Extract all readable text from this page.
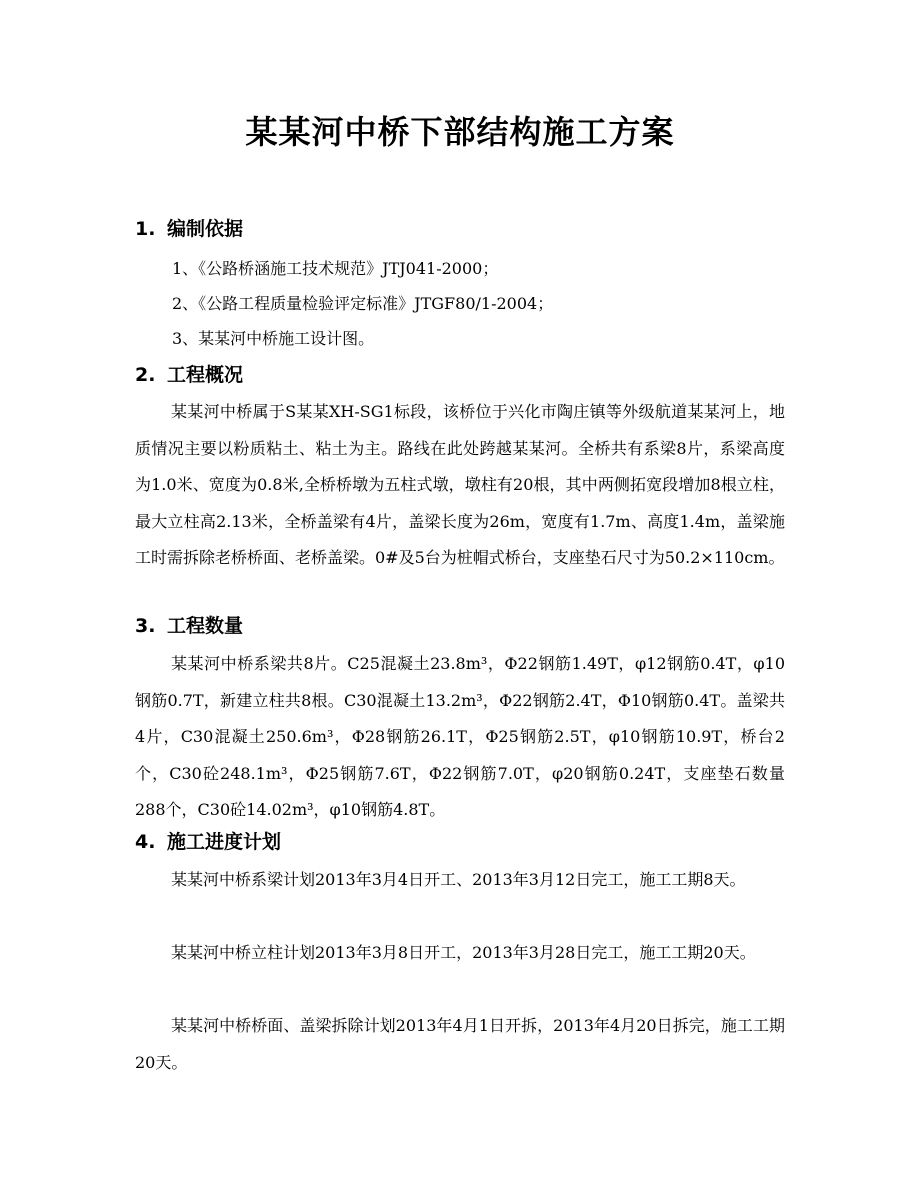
某某河中桥下部结构施工方案
1. 编制依据
1、《公路桥涵施工技术规范》JTJ041-2000；
2、《公路工程质量检验评定标准》JTGF80/1-2004；
3、某某河中桥施工设计图。
2. 工程概况
某某河中桥属于S某某XH-SG1标段，该桥位于兴化市陶庄镇等外级航道某某河上，地质情况主要以粉质粘土、粘土为主。路线在此处跨越某某河。全桥共有系梁8片，系梁高度为1.0米、宽度为0.8米,全桥桥墩为五柱式墩，墩柱有20根，其中两侧拓宽段增加8根立柱，最大立柱高2.13米，全桥盖梁有4片，盖梁长度为26m，宽度有1.7m、高度1.4m，盖梁施工时需拆除老桥桥面、老桥盖梁。0#及5台为桩帽式桥台，支座垫石尺寸为50.2×110cm。
3. 工程数量
某某河中桥系梁共8片。C25混凝土23.8m³，Φ22钢筋1.49T，φ12钢筋0.4T，φ10钢筋0.7T，新建立柱共8根。C30混凝土13.2m³，Φ22钢筋2.4T，Φ10钢筋0.4T。盖梁共4片，C30混凝土250.6m³，Φ28钢筋26.1T，Φ25钢筋2.5T，φ10钢筋10.9T，桥台2个，C30砼248.1m³，Φ25钢筋7.6T，Φ22钢筋7.0T，φ20钢筋0.24T，支座垫石数量288个，C30砼14.02m³，φ10钢筋4.8T。
4. 施工进度计划
某某河中桥系梁计划2013年3月4日开工、2013年3月12日完工，施工工期8天。
某某河中桥立柱计划2013年3月8日开工，2013年3月28日完工，施工工期20天。
某某河中桥桥面、盖梁拆除计划2013年4月1日开拆，2013年4月20日拆完，施工工期20天。
